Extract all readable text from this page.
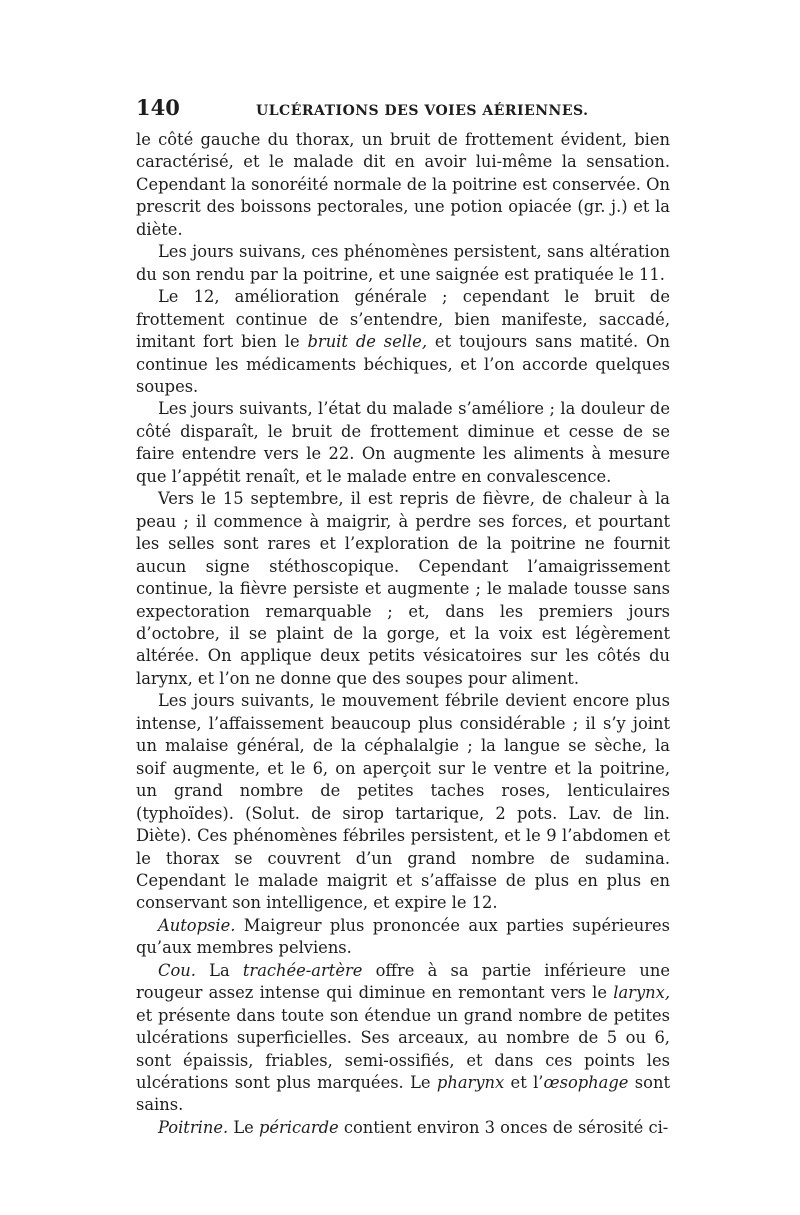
140	ULCÉRATIONS DES VOIES AÉRIENNES.

le côté gauche du thorax, un bruit de frottement évident, bien caractérisé, et le malade dit en avoir lui-même la sensation. Cependant la sonoréité normale de la poitrine est conservée. On prescrit des boissons pectorales, une potion opiacée (gr. j.) et la diète.

Les jours suivans, ces phénomènes persistent, sans altération du son rendu par la poitrine, et une saignée est pratiquée le 11.

Le 12, amélioration générale ; cependant le bruit de frottement continue de s’entendre, bien manifeste, saccadé, imitant fort bien le bruit de selle, et toujours sans matité. On continue les médicaments béchiques, et l’on accorde quelques soupes.

Les jours suivants, l’état du malade s’améliore ; la douleur de côté disparaît, le bruit de frottement diminue et cesse de se faire entendre vers le 22. On augmente les aliments à mesure que l’appétit renaît, et le malade entre en convalescence.

Vers le 15 septembre, il est repris de fièvre, de chaleur à la peau ; il commence à maigrir, à perdre ses forces, et pourtant les selles sont rares et l’exploration de la poitrine ne fournit aucun signe stéthoscopique. Cependant l’amaigrissement continue, la fièvre persiste et augmente ; le malade tousse sans expectoration remarquable ; et, dans les premiers jours d’octobre, il se plaint de la gorge, et la voix est légèrement altérée. On applique deux petits vésicatoires sur les côtés du larynx, et l’on ne donne que des soupes pour aliment.

Les jours suivants, le mouvement fébrile devient encore plus intense, l’affaissement beaucoup plus considérable ; il s’y joint un malaise général, de la céphalalgie ; la langue se sèche, la soif augmente, et le 6, on aperçoit sur le ventre et la poitrine, un grand nombre de petites taches roses, lenticulaires (typhoïdes). (Solut. de sirop tartarique, 2 pots. Lav. de lin. Diète). Ces phénomènes fébriles persistent, et le 9 l’abdomen et le thorax se couvrent d’un grand nombre de sudamina. Cependant le malade maigrit et s’affaisse de plus en plus en conservant son intelligence, et expire le 12.

Autopsie. Maigreur plus prononcée aux parties supérieures qu’aux membres pelviens.

Cou. La trachée-artère offre à sa partie inférieure une rougeur assez intense qui diminue en remontant vers le larynx, et présente dans toute son étendue un grand nombre de petites ulcérations superficielles. Ses arceaux, au nombre de 5 ou 6, sont épaissis, friables, semi-ossifiés, et dans ces points les ulcérations sont plus marquées. Le pharynx et l’œsophage sont sains.

Poitrine. Le péricarde contient environ 3 onces de sérosité ci-
